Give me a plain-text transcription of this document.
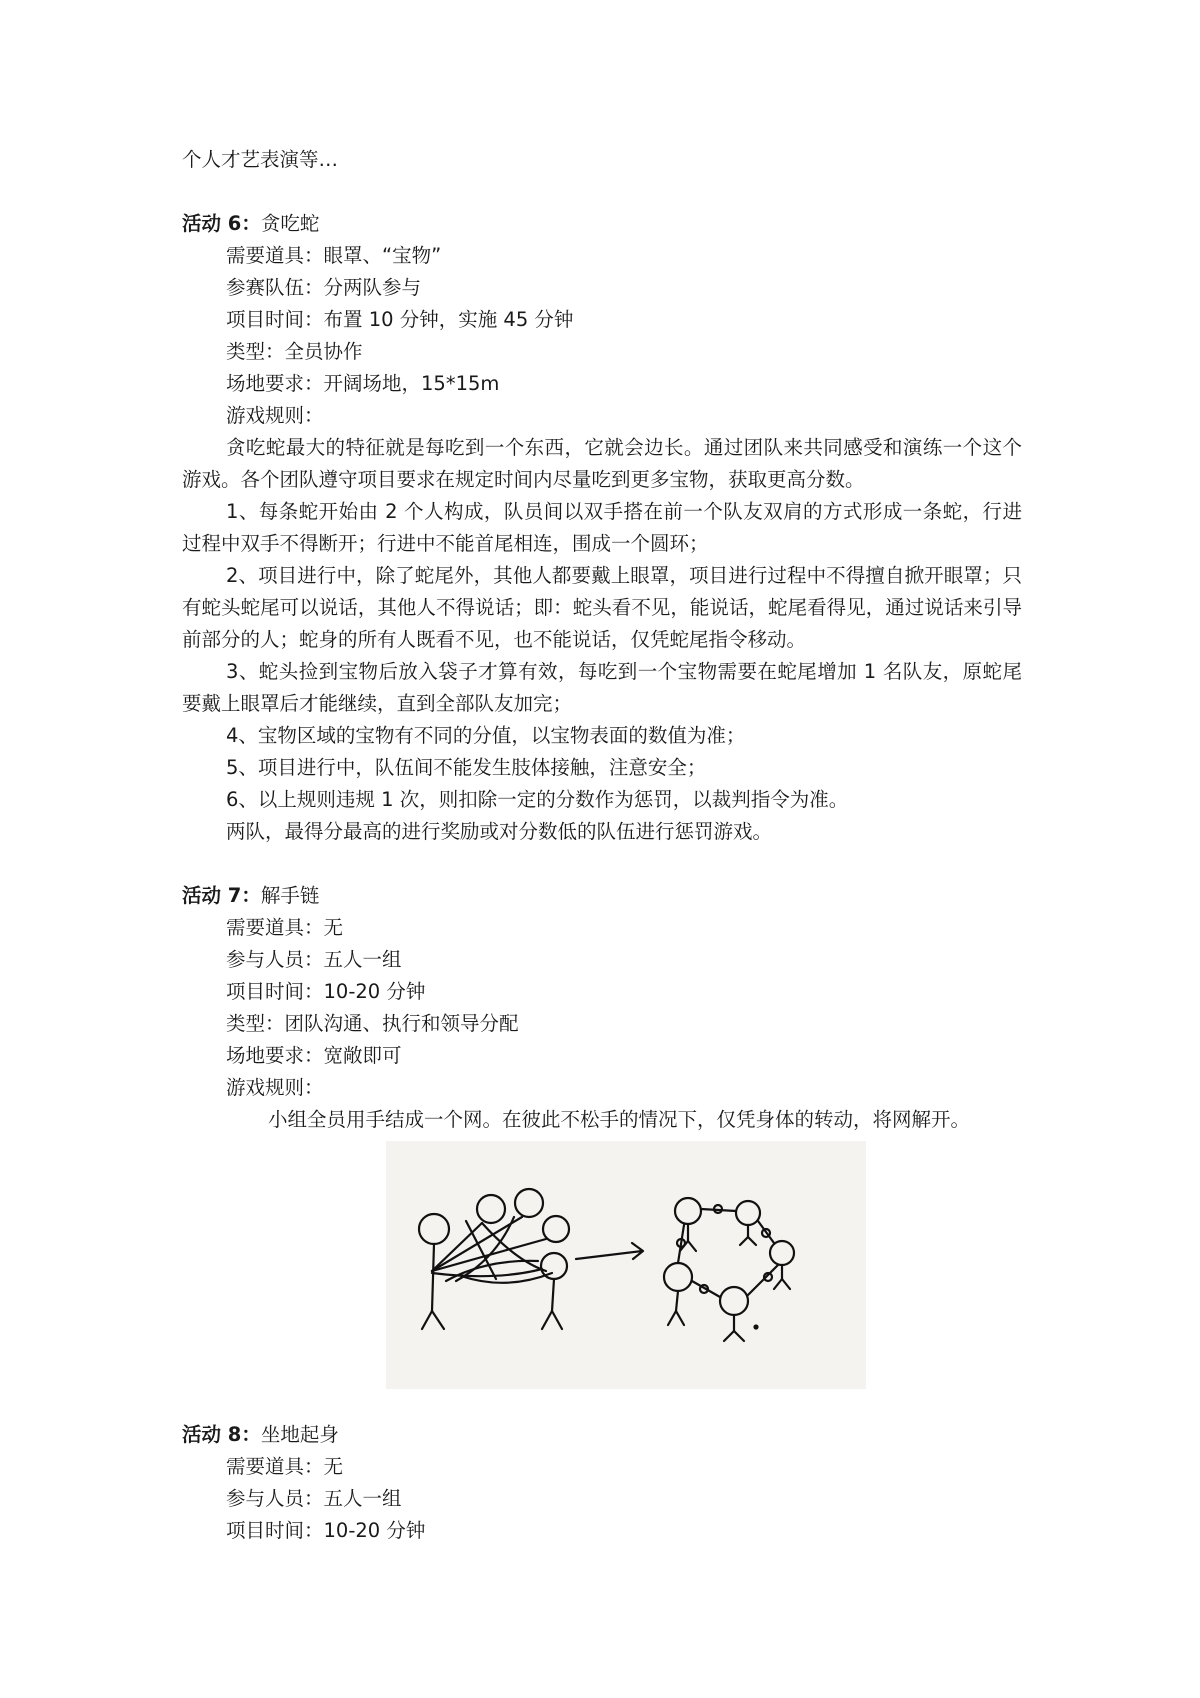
个人才艺表演等…
活动 6：贪吃蛇
需要道具：眼罩、“宝物”
参赛队伍：分两队参与
项目时间：布置 10 分钟，实施 45 分钟
类型：全员协作
场地要求：开阔场地，15*15m
游戏规则：
贪吃蛇最大的特征就是每吃到一个东西，它就会边长。通过团队来共同感受和演练一个这个游戏。各个团队遵守项目要求在规定时间内尽量吃到更多宝物，获取更高分数。
1、每条蛇开始由 2 个人构成，队员间以双手搭在前一个队友双肩的方式形成一条蛇，行进过程中双手不得断开；行进中不能首尾相连，围成一个圆环；
2、项目进行中，除了蛇尾外，其他人都要戴上眼罩，项目进行过程中不得擅自掀开眼罩；只有蛇头蛇尾可以说话，其他人不得说话；即：蛇头看不见，能说话，蛇尾看得见，通过说话来引导前部分的人；蛇身的所有人既看不见，也不能说话，仅凭蛇尾指令移动。
3、蛇头捡到宝物后放入袋子才算有效，每吃到一个宝物需要在蛇尾增加 1 名队友，原蛇尾要戴上眼罩后才能继续，直到全部队友加完；
4、宝物区域的宝物有不同的分值，以宝物表面的数值为准；
5、项目进行中，队伍间不能发生肢体接触，注意安全；
6、以上规则违规 1 次，则扣除一定的分数作为惩罚，以裁判指令为准。
两队，最得分最高的进行奖励或对分数低的队伍进行惩罚游戏。
活动 7：解手链
需要道具：无
参与人员：五人一组
项目时间：10-20 分钟
类型：团队沟通、执行和领导分配
场地要求：宽敞即可
游戏规则：
小组全员用手结成一个网。在彼此不松手的情况下，仅凭身体的转动，将网解开。
活动 8：坐地起身
需要道具：无
参与人员：五人一组
项目时间：10-20 分钟
